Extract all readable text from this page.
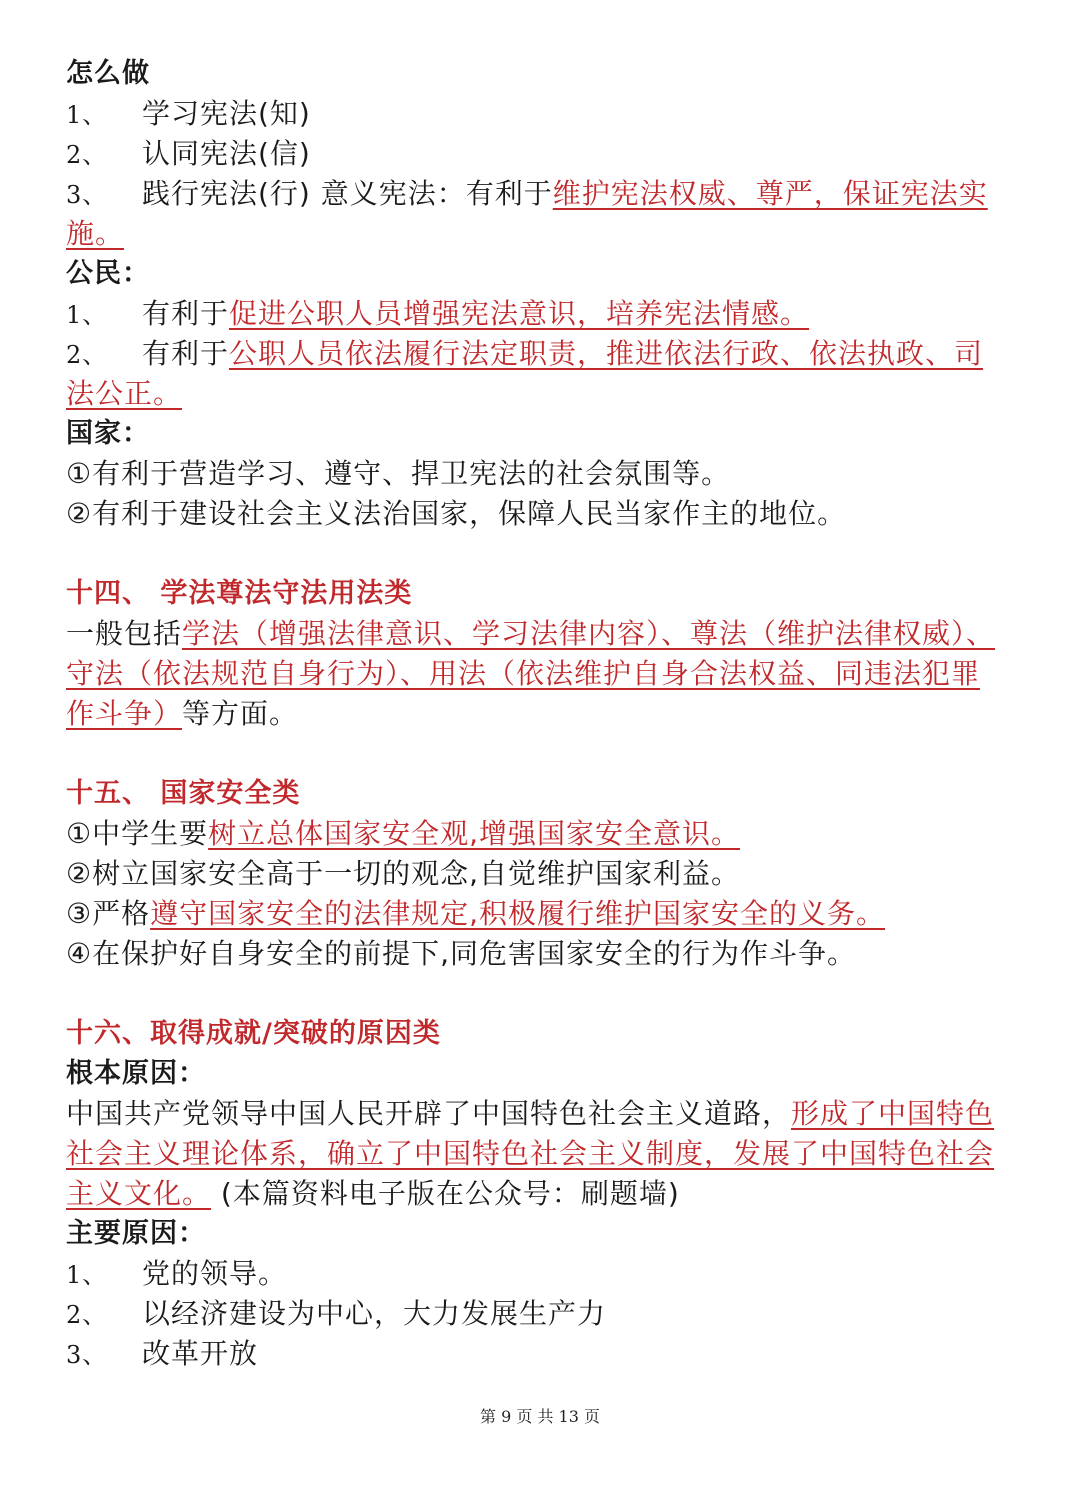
怎么做
1、 学习宪法(知)
2、 认同宪法(信)
3、 践行宪法(行) 意义宪法：有利于维护宪法权威、尊严，保证宪法实
施。
公民：
1、 有利于促进公职人员增强宪法意识，培养宪法情感。
2、 有利于公职人员依法履行法定职责，推进依法行政、依法执政、司
法公正。
国家：
①有利于营造学习、遵守、捍卫宪法的社会氛围等。
②有利于建设社会主义法治国家，保障人民当家作主的地位。
十四、 学法尊法守法用法类
一般包括学法（增强法律意识、学习法律内容）、尊法（维护法律权威）、
守法（依法规范自身行为）、用法（依法维护自身合法权益、同违法犯罪
作斗争）等方面。
十五、 国家安全类
①中学生要树立总体国家安全观,增强国家安全意识。
②树立国家安全高于一切的观念,自觉维护国家利益。
③严格遵守国家安全的法律规定,积极履行维护国家安全的义务。
④在保护好自身安全的前提下,同危害国家安全的行为作斗争。
十六、取得成就/突破的原因类
根本原因：
中国共产党领导中国人民开辟了中国特色社会主义道路，形成了中国特色
社会主义理论体系，确立了中国特色社会主义制度，发展了中国特色社会
主义文化。 (本篇资料电子版在公众号：刷题墙)
主要原因：
1、 党的领导。
2、 以经济建设为中心，大力发展生产力
3、 改革开放
第 9 页 共 13 页
